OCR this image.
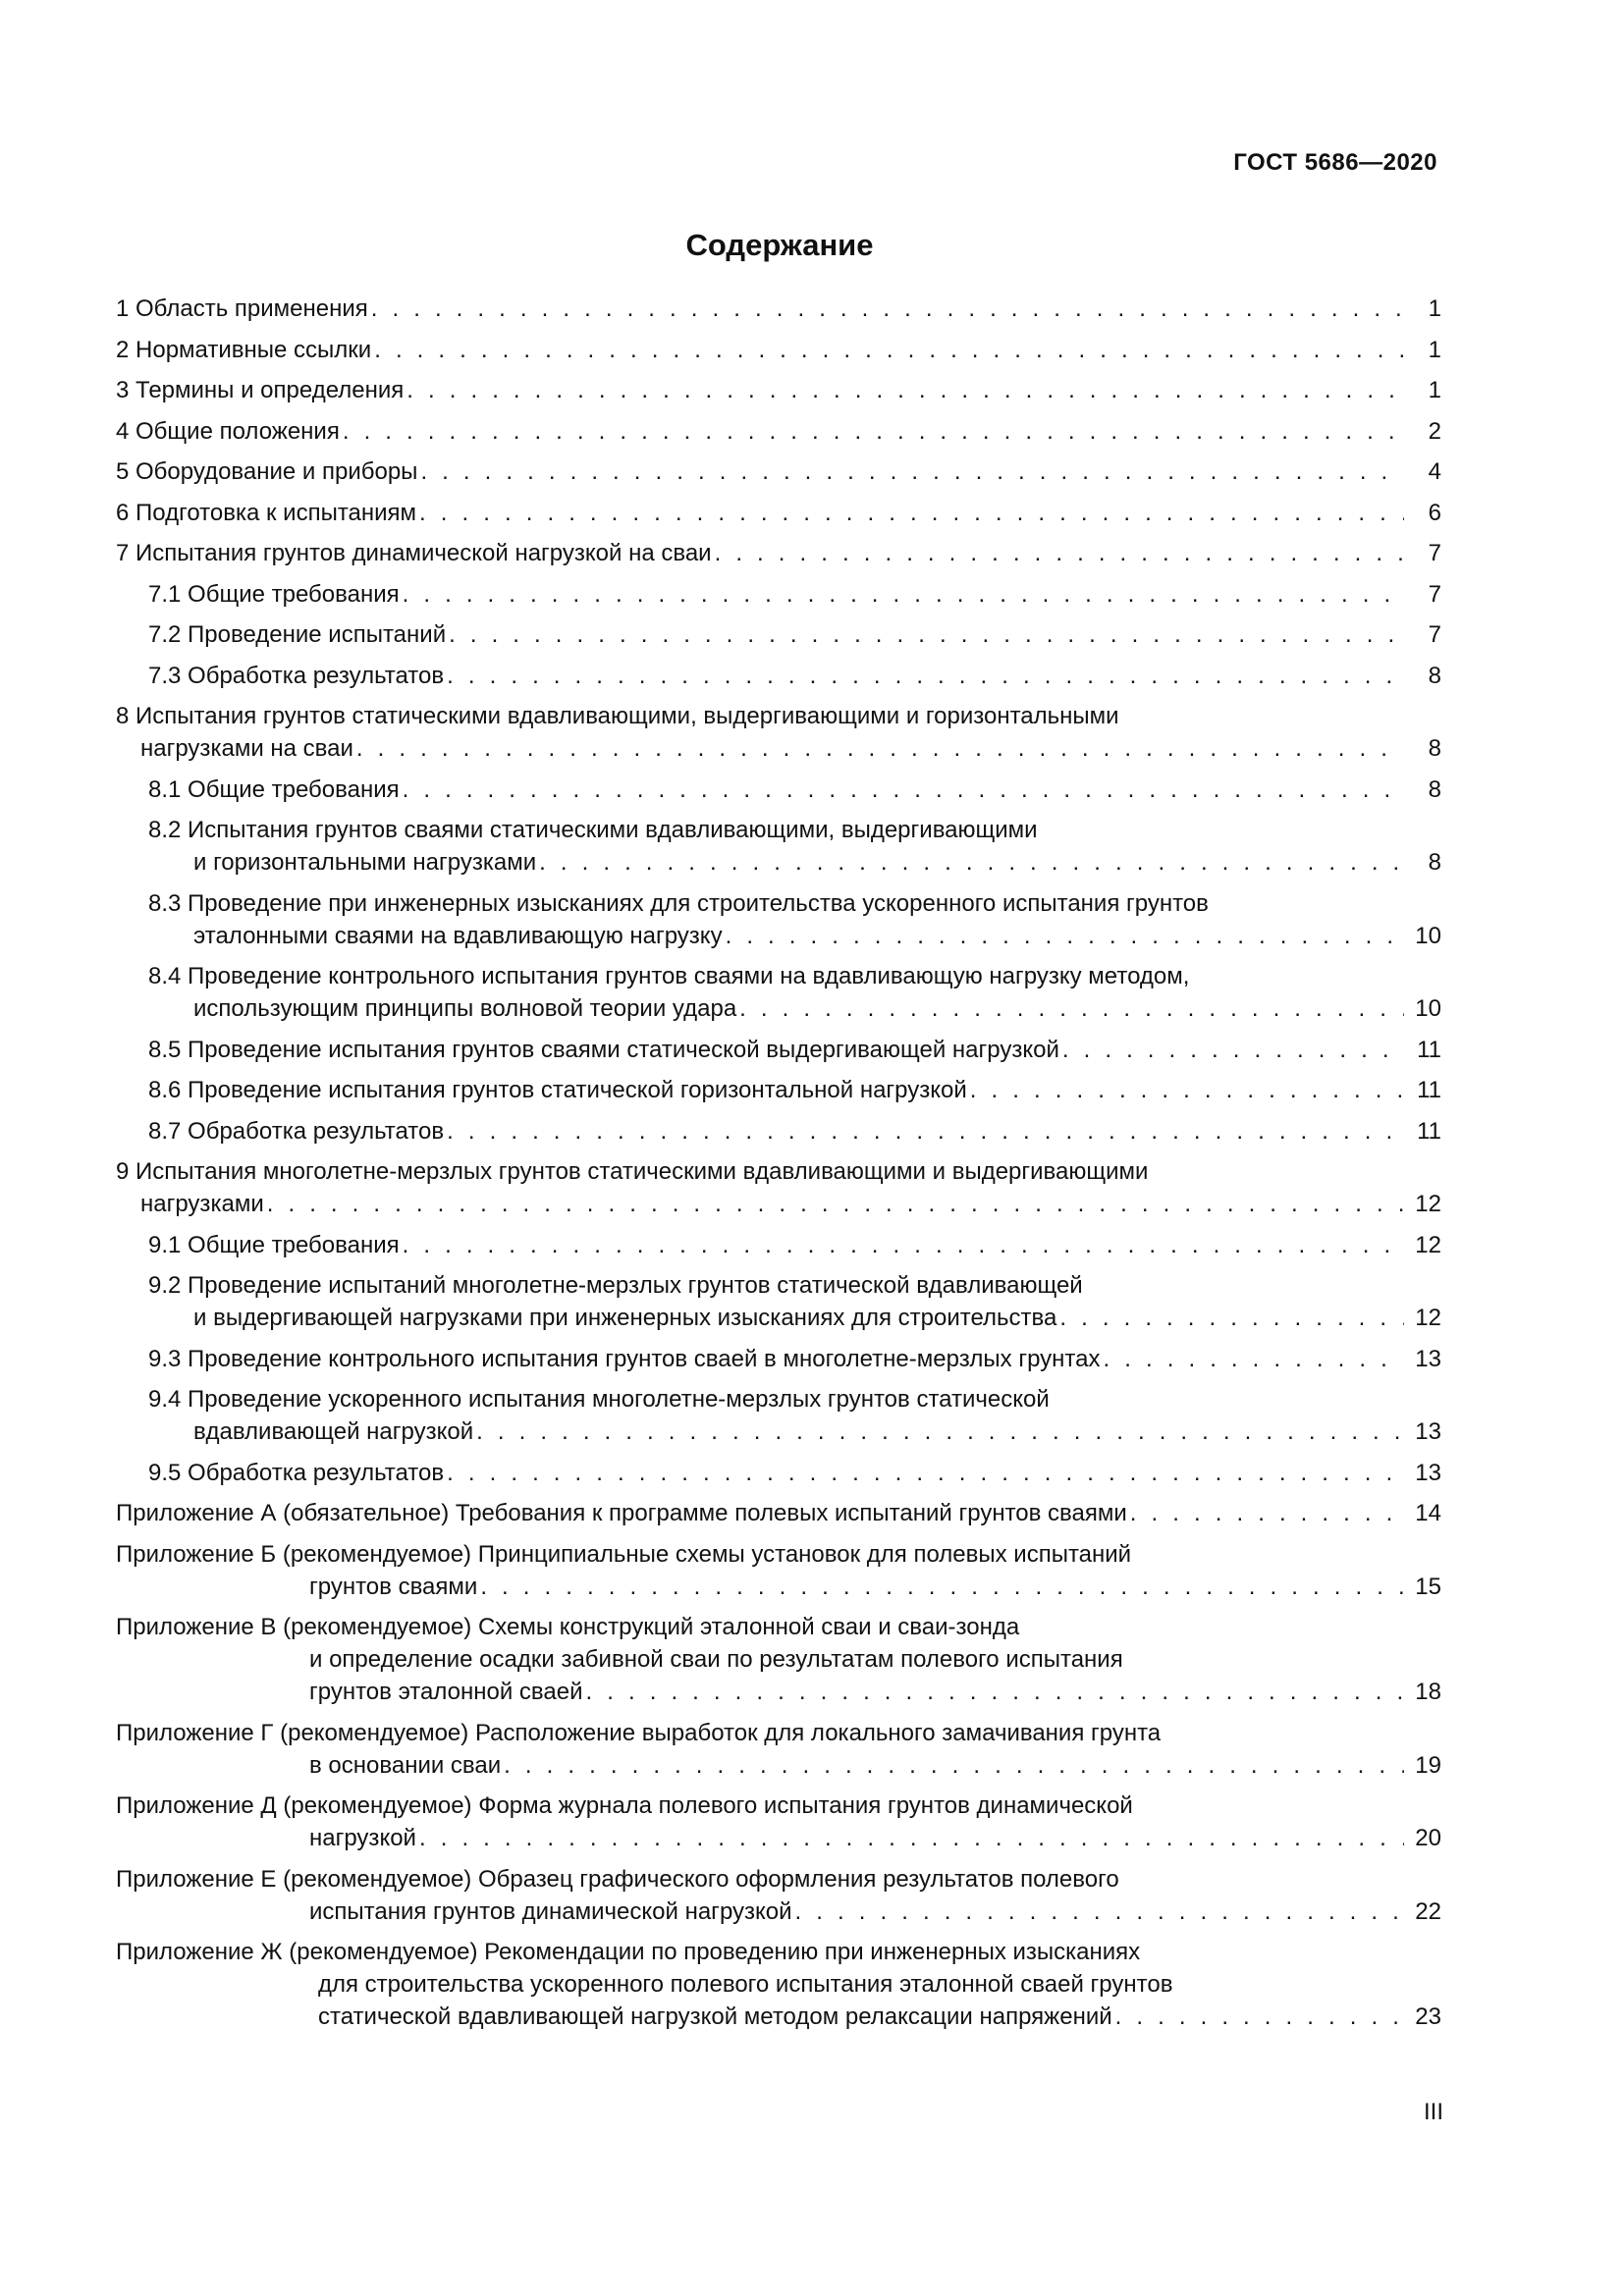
ГОСТ 5686—2020
Содержание
1 Область применения . . .	1
2 Нормативные ссылки . . .	1
3 Термины и определения . . .	1
4 Общие положения . . .	2
5 Оборудование и приборы . . .	4
6 Подготовка к испытаниям . . .	6
7 Испытания грунтов динамической нагрузкой на сваи . . .	7
7.1 Общие требования . . .	7
7.2 Проведение испытаний . . .	7
7.3 Обработка результатов . . .	8
8 Испытания грунтов статическими вдавливающими, выдергивающими и горизонтальными
нагрузками на сваи . . .	8
8.1 Общие требования . . .	8
8.2 Испытания грунтов сваями статическими вдавливающими, выдергивающими
и горизонтальными нагрузками . . .	8
8.3 Проведение при инженерных изысканиях для строительства ускоренного испытания грунтов
эталонными сваями на вдавливающую нагрузку . . .	10
8.4 Проведение контрольного испытания грунтов сваями на вдавливающую нагрузку методом,
использующим принципы волновой теории удара . . .	10
8.5 Проведение испытания грунтов сваями статической выдергивающей нагрузкой . . .	11
8.6 Проведение испытания грунтов статической горизонтальной нагрузкой . . .	11
8.7 Обработка результатов . . .	11
9 Испытания многолетне-мерзлых грунтов статическими вдавливающими и выдергивающими
нагрузками . . .	12
9.1 Общие требования . . .	12
9.2 Проведение испытаний многолетне-мерзлых грунтов статической вдавливающей
и выдергивающей нагрузками при инженерных изысканиях для строительства . . .	12
9.3 Проведение контрольного испытания грунтов сваей в многолетне-мерзлых грунтах . . .	13
9.4 Проведение ускоренного испытания многолетне-мерзлых грунтов статической
вдавливающей нагрузкой . . .	13
9.5 Обработка результатов . . .	13
Приложение А (обязательное) Требования к программе полевых испытаний грунтов сваями . . .	14
Приложение Б (рекомендуемое) Принципиальные схемы установок для полевых испытаний
грунтов сваями . . .	15
Приложение В (рекомендуемое) Схемы конструкций эталонной сваи и сваи-зонда
и определение осадки забивной сваи по результатам полевого испытания
грунтов эталонной сваей . . .	18
Приложение Г (рекомендуемое) Расположение выработок для локального замачивания грунта
в основании сваи . . .	19
Приложение Д (рекомендуемое) Форма журнала полевого испытания грунтов динамической
нагрузкой . . .	20
Приложение Е (рекомендуемое) Образец графического оформления результатов полевого
испытания грунтов динамической нагрузкой . . .	22
Приложение Ж (рекомендуемое) Рекомендации по проведению при инженерных изысканиях
для строительства ускоренного полевого испытания эталонной сваей грунтов
статической вдавливающей нагрузкой методом релаксации напряжений . . .	23
III
